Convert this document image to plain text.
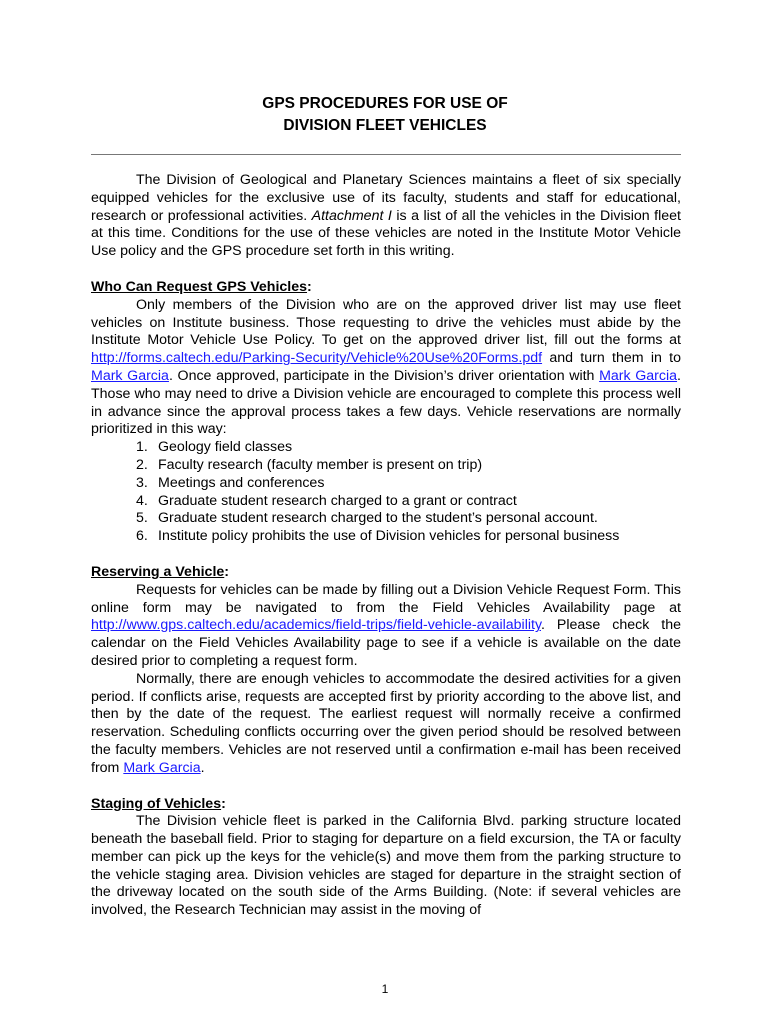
GPS PROCEDURES FOR USE OF
DIVISION FLEET VEHICLES

The Division of Geological and Planetary Sciences maintains a fleet of six specially equipped vehicles for the exclusive use of its faculty, students and staff for educational, research or professional activities. Attachment I is a list of all the vehicles in the Division fleet at this time. Conditions for the use of these vehicles are noted in the Institute Motor Vehicle Use policy and the GPS procedure set forth in this writing.

Who Can Request GPS Vehicles:

Only members of the Division who are on the approved driver list may use fleet vehicles on Institute business. Those requesting to drive the vehicles must abide by the Institute Motor Vehicle Use Policy. To get on the approved driver list, fill out the forms at http://forms.caltech.edu/Parking-Security/Vehicle%20Use%20Forms.pdf and turn them in to Mark Garcia. Once approved, participate in the Division’s driver orientation with Mark Garcia. Those who may need to drive a Division vehicle are encouraged to complete this process well in advance since the approval process takes a few days. Vehicle reservations are normally prioritized in this way:

1. Geology field classes
2. Faculty research (faculty member is present on trip)
3. Meetings and conferences
4. Graduate student research charged to a grant or contract
5. Graduate student research charged to the student’s personal account.
6. Institute policy prohibits the use of Division vehicles for personal business

Reserving a Vehicle:

Requests for vehicles can be made by filling out a Division Vehicle Request Form. This online form may be navigated to from the Field Vehicles Availability page at http://www.gps.caltech.edu/academics/field-trips/field-vehicle-availability. Please check the calendar on the Field Vehicles Availability page to see if a vehicle is available on the date desired prior to completing a request form.

Normally, there are enough vehicles to accommodate the desired activities for a given period. If conflicts arise, requests are accepted first by priority according to the above list, and then by the date of the request. The earliest request will normally receive a confirmed reservation. Scheduling conflicts occurring over the given period should be resolved between the faculty members. Vehicles are not reserved until a confirmation e-mail has been received from Mark Garcia.

Staging of Vehicles:

The Division vehicle fleet is parked in the California Blvd. parking structure located beneath the baseball field. Prior to staging for departure on a field excursion, the TA or faculty member can pick up the keys for the vehicle(s) and move them from the parking structure to the vehicle staging area. Division vehicles are staged for departure in the straight section of the driveway located on the south side of the Arms Building. (Note: if several vehicles are involved, the Research Technician may assist in the moving of

1
